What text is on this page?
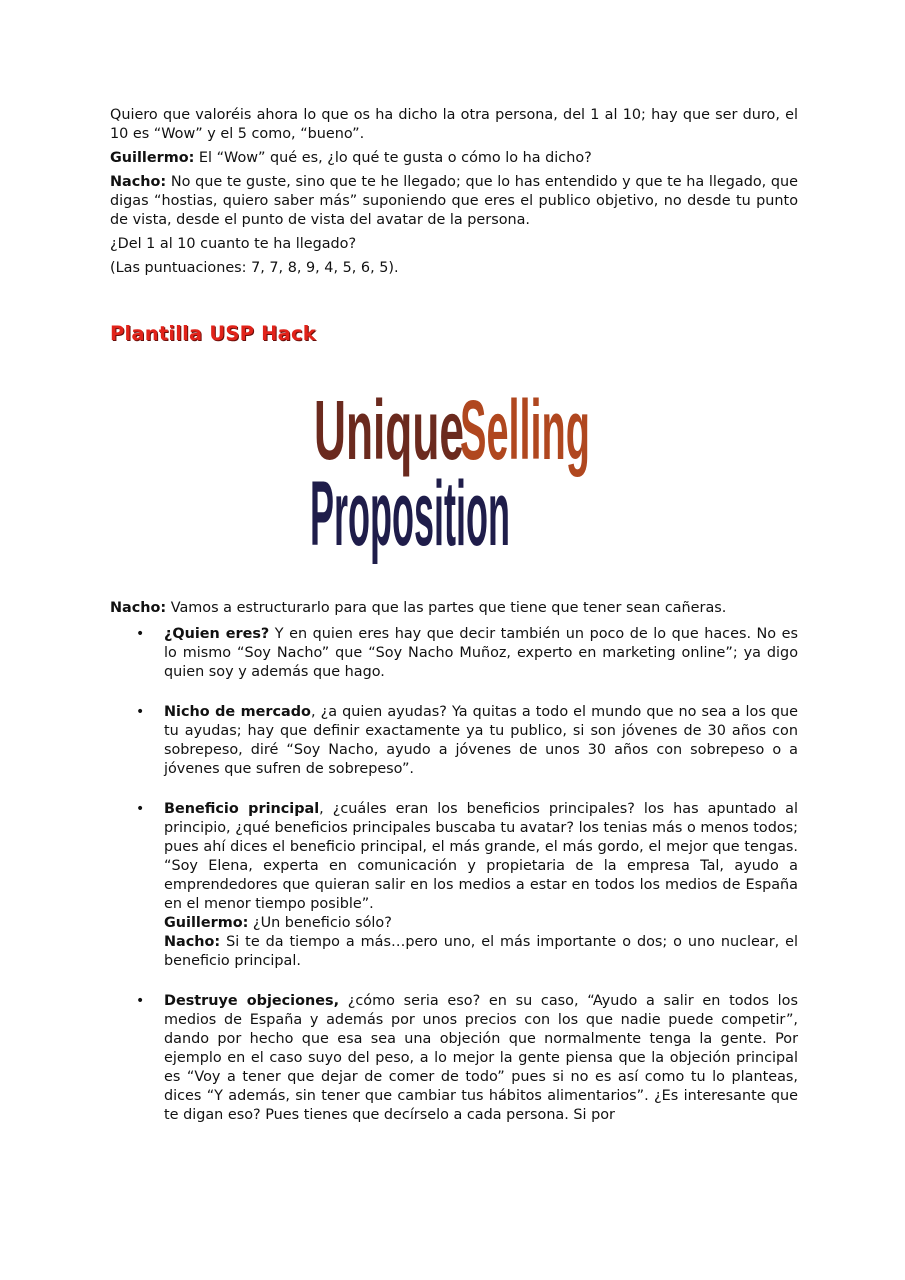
Quiero que valoréis ahora lo que os ha dicho la otra persona, del 1 al 10; hay que ser duro, el 10 es “Wow” y el 5 como, “bueno”.

Guillermo: El “Wow” qué es, ¿lo qué te gusta o cómo lo ha dicho?

Nacho: No que te guste, sino que te he llegado; que lo has entendido y que te ha llegado, que digas “hostias, quiero saber más” suponiendo que eres el publico objetivo, no desde tu punto de vista, desde el punto de vista del avatar de la persona.

¿Del 1 al 10 cuanto te ha llegado?

(Las puntuaciones: 7, 7, 8, 9, 4, 5, 6, 5).

Plantilla USP Hack
Unique
Selling
Proposition

Nacho: Vamos a estructurarlo para que las partes que tiene que tener sean cañeras.

• ¿Quien eres? Y en quien eres hay que decir también un poco de lo que haces. No es lo mismo “Soy Nacho” que “Soy Nacho Muñoz, experto en marketing online”; ya digo quien soy y además que hago.
• Nicho de mercado, ¿a quien ayudas? Ya quitas a todo el mundo que no sea a los que tu ayudas; hay que definir exactamente ya tu publico, si son jóvenes de 30 años con sobrepeso, diré “Soy Nacho, ayudo a jóvenes de unos 30 años con sobrepeso o a jóvenes que sufren de sobrepeso”.
• Beneficio principal, ¿cuáles eran los beneficios principales? los has apuntado al principio, ¿qué beneficios principales buscaba tu avatar? los tenias más o menos todos; pues ahí dices el beneficio principal, el más grande, el más gordo, el mejor que tengas. “Soy Elena, experta en comunicación y propietaria de la empresa Tal, ayudo a emprendedores que quieran salir en los medios a estar en todos los medios de España en el menor tiempo posible”.
Guillermo: ¿Un beneficio sólo?
Nacho: Si te da tiempo a más…pero uno, el más importante o dos; o uno nuclear, el beneficio principal.
• Destruye objeciones, ¿cómo seria eso? en su caso, “Ayudo a salir en todos los medios de España y además por unos precios con los que nadie puede competir”, dando por hecho que esa sea una objeción que normalmente tenga la gente. Por ejemplo en el caso suyo del peso, a lo mejor la gente piensa que la objeción principal es “Voy a tener que dejar de comer de todo” pues si no es así como tu lo planteas, dices “Y además, sin tener que cambiar tus hábitos alimentarios”. ¿Es interesante que te digan eso? Pues tienes que decírselo a cada persona. Si por
